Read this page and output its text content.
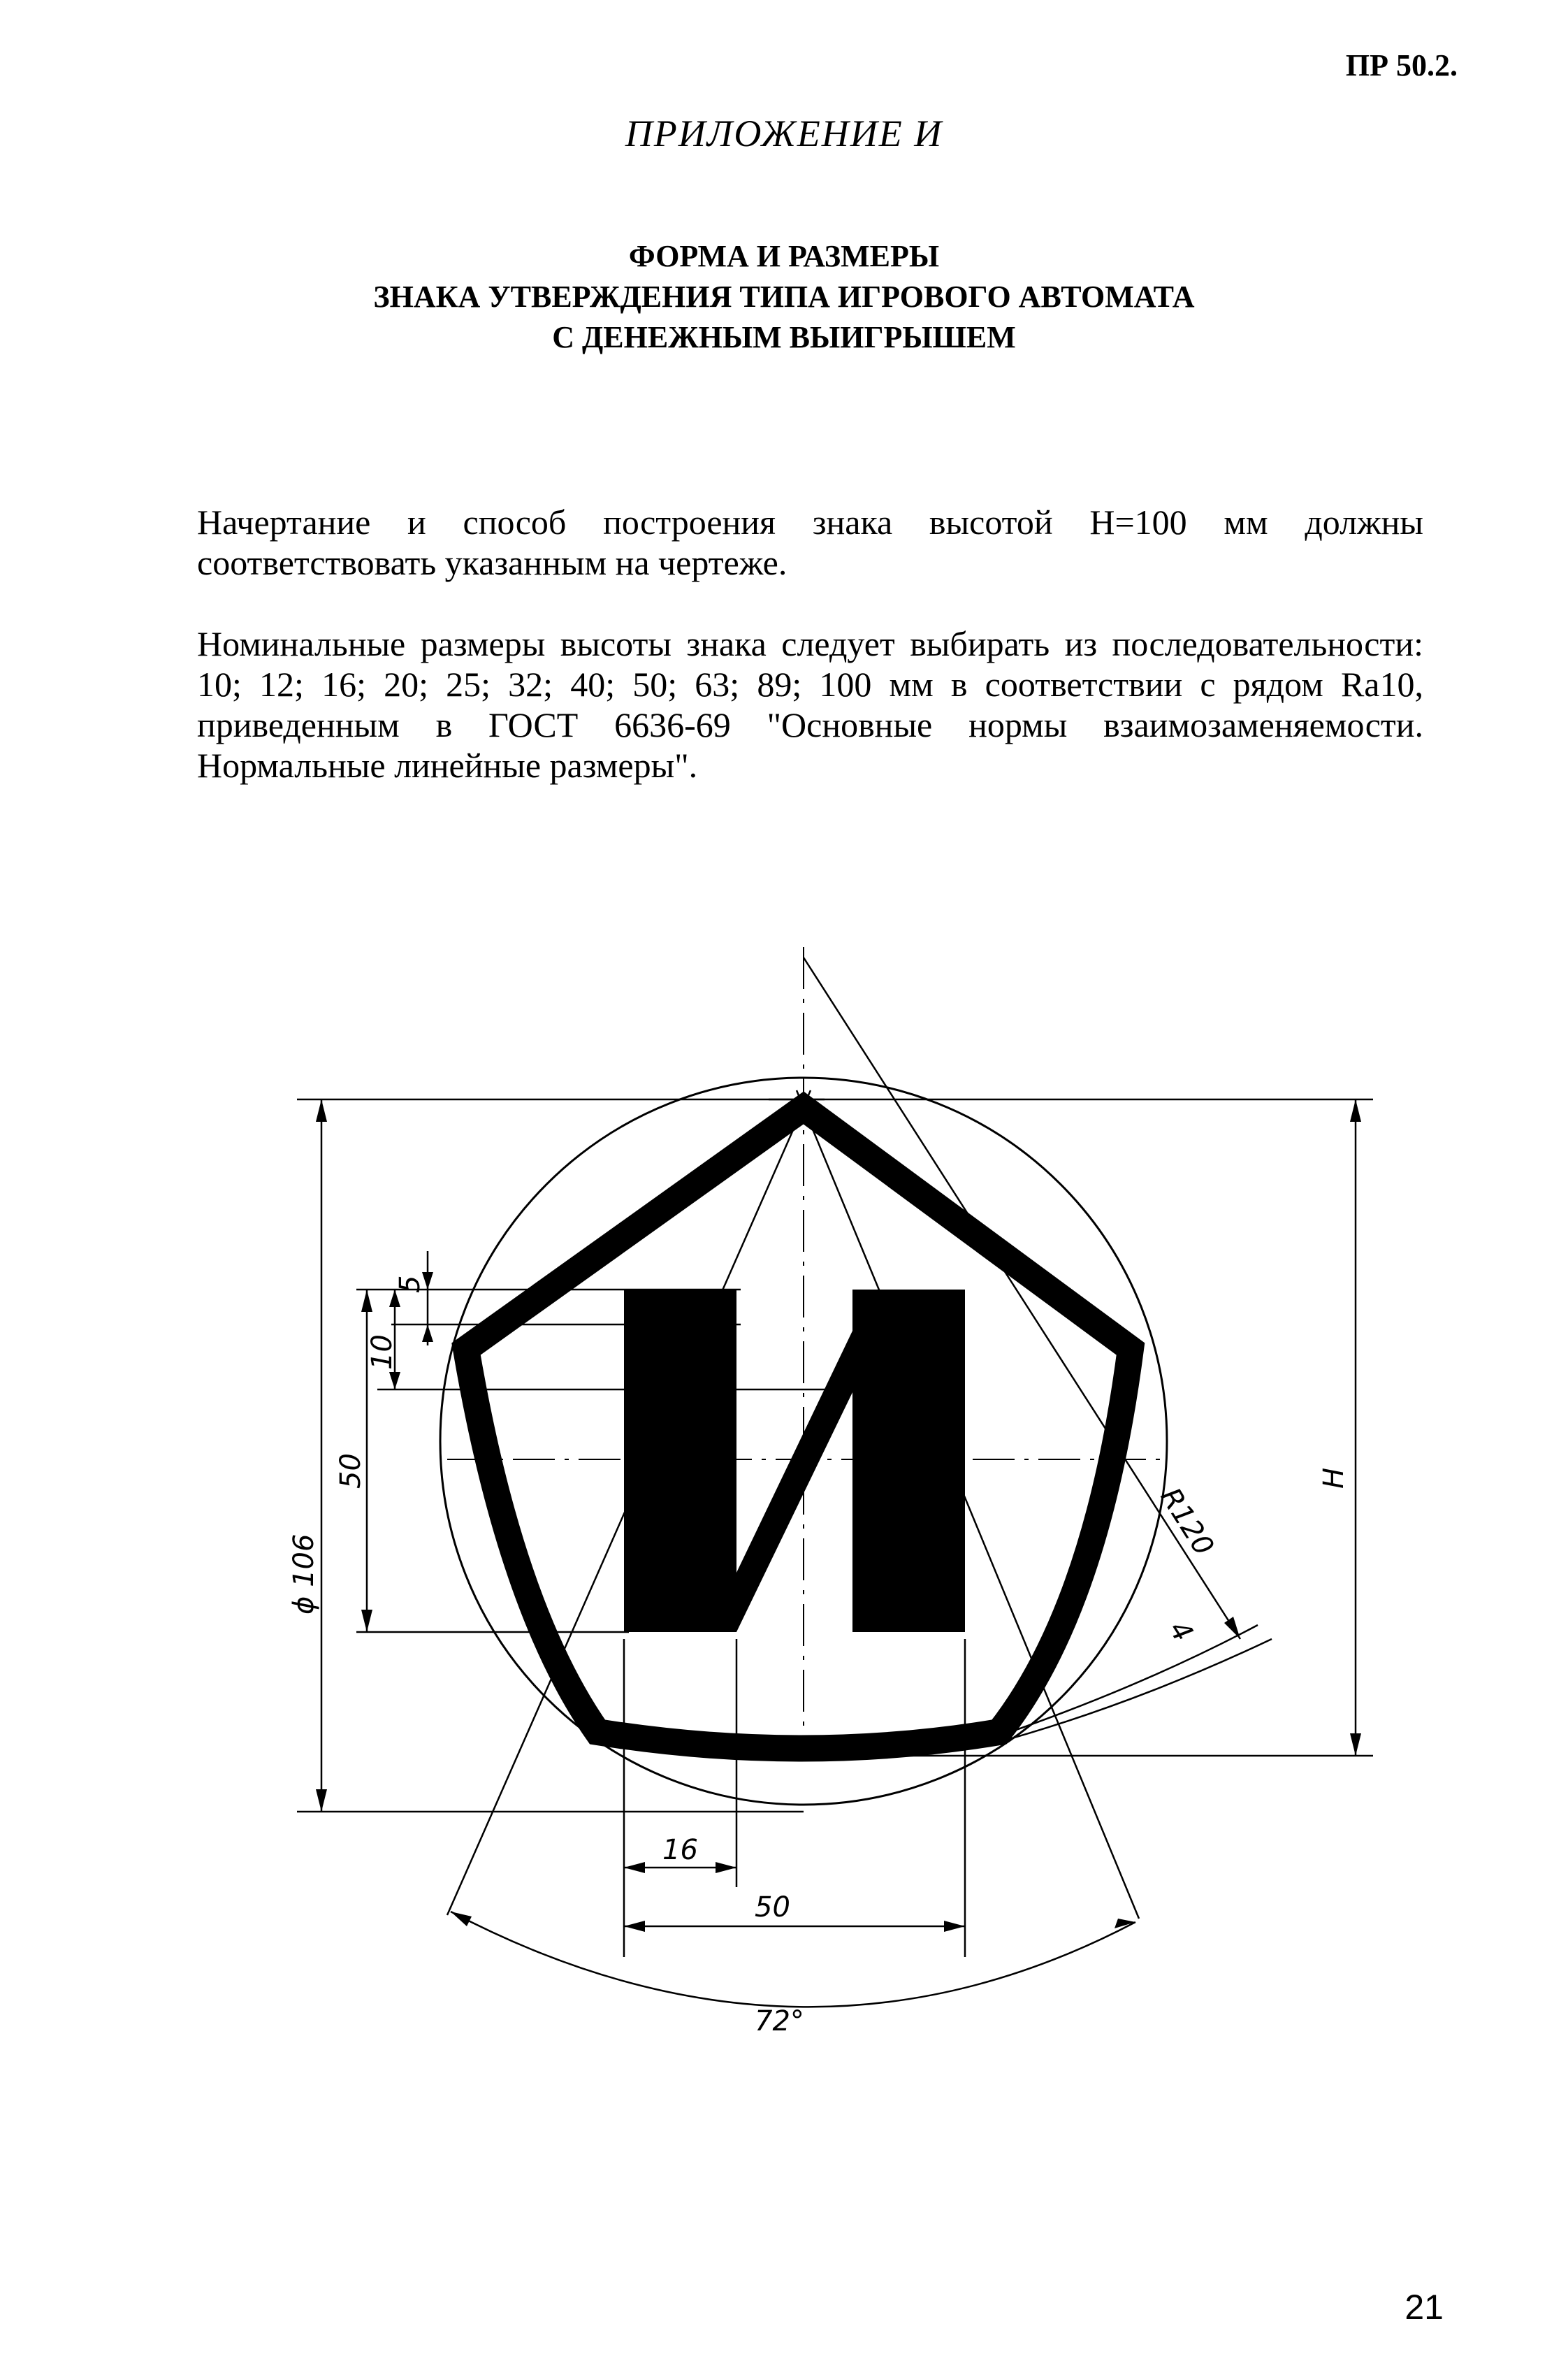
ПР 50.2.
ПРИЛОЖЕНИЕ И
ФОРМА И РАЗМЕРЫ
ЗНАКА УТВЕРЖДЕНИЯ ТИПА ИГРОВОГО АВТОМАТА
С ДЕНЕЖНЫМ ВЫИГРЫШЕМ

Начертание и способ построения знака высотой Н=100 мм должны соответствовать указанным на чертеже.

Номинальные размеры высоты знака следует выбирать из последовательности: 10; 12; 16; 20; 25; 32; 40; 50; 63; 89; 100 мм в соответствии с рядом Ra10, приведенным в ГОСТ 6636-69 "Основные нормы взаимозаменяемости. Нормальные линейные размеры".

5
10
50
ϕ 106
R120
4
Н
16
50
72°
21
